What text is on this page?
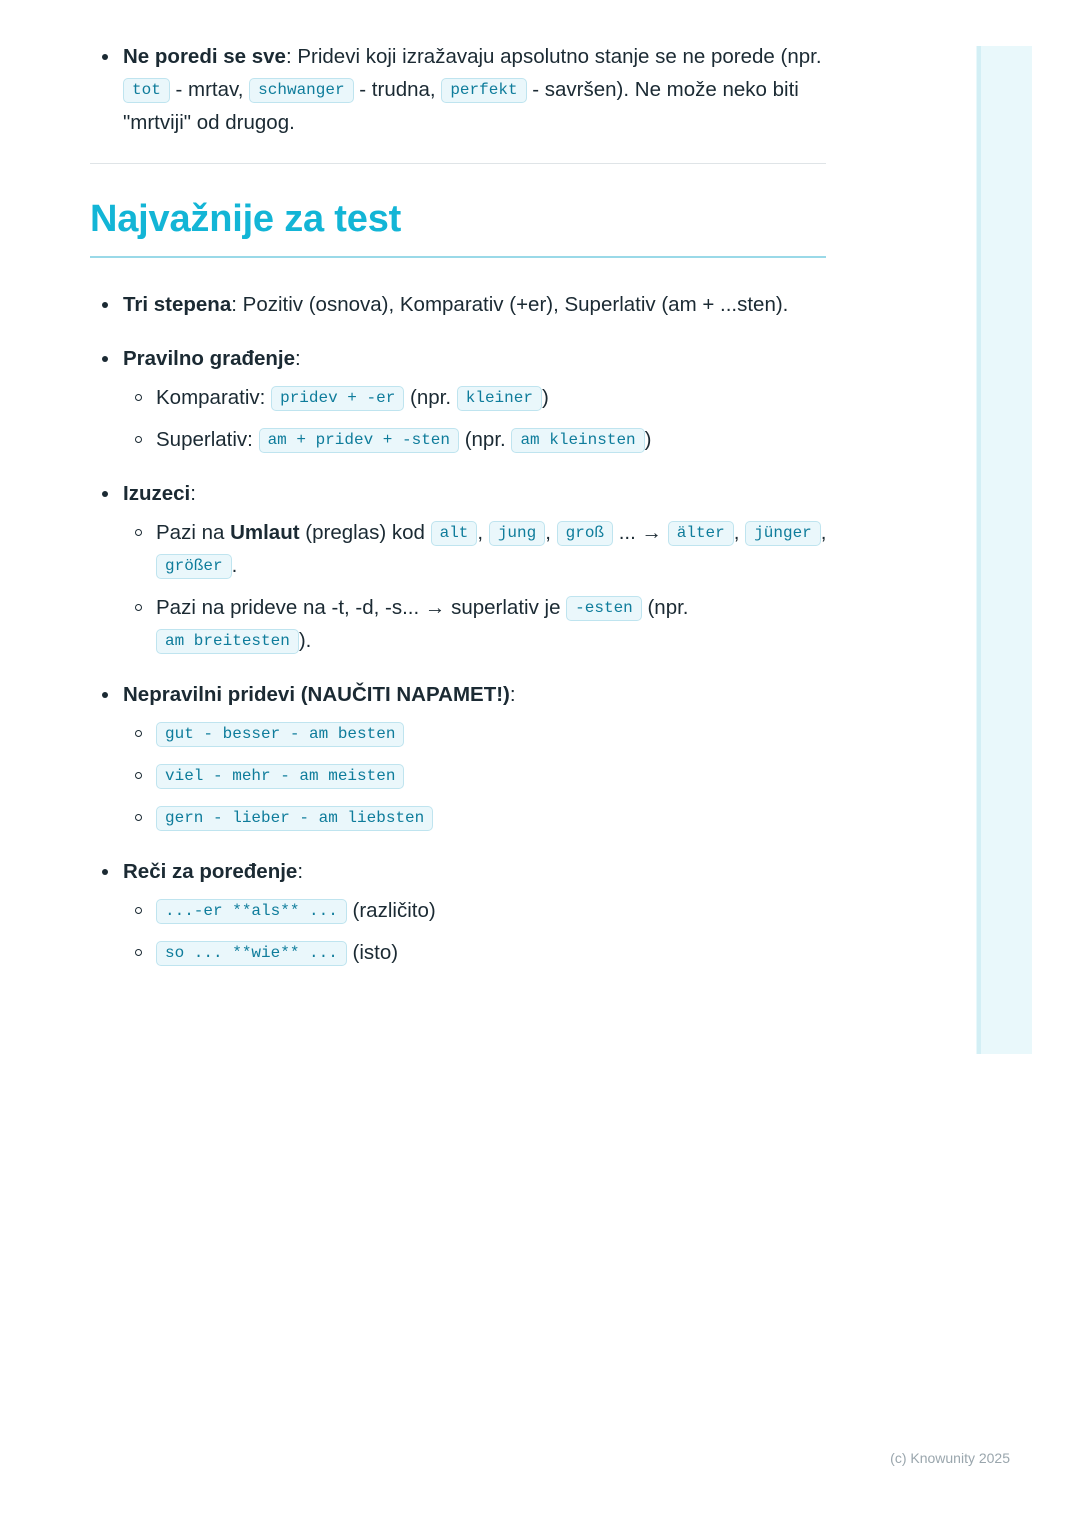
Ne poredi se sve: Pridevi koji izražavaju apsolutno stanje se ne porede (npr. tot - mrtav, schwanger - trudna, perfekt - savršen). Ne može neko biti "mrtviji" od drugog.
Najvažnije za test
Tri stepena: Pozitiv (osnova), Komparativ (+er), Superlativ (am + ...sten).
Pravilno građenje:
Komparativ: pridev + -er (npr. kleiner )
Superlativ: am + pridev + -sten (npr. am kleinsten )
Izuzeci:
Pazi na Umlaut (preglas) kod alt , jung , groß ... → älter , jünger , größer .
Pazi na prideve na -t, -d, -s... → superlativ je -esten (npr. am breitesten ).
Nepravilni pridevi (NAUČITI NAPAMET!):
gut - besser - am besten
viel - mehr - am meisten
gern - lieber - am liebsten
Reči za poređenje:
...-er **als** ... (različito)
so ... **wie** ... (isto)
(c) Knowunity 2025
